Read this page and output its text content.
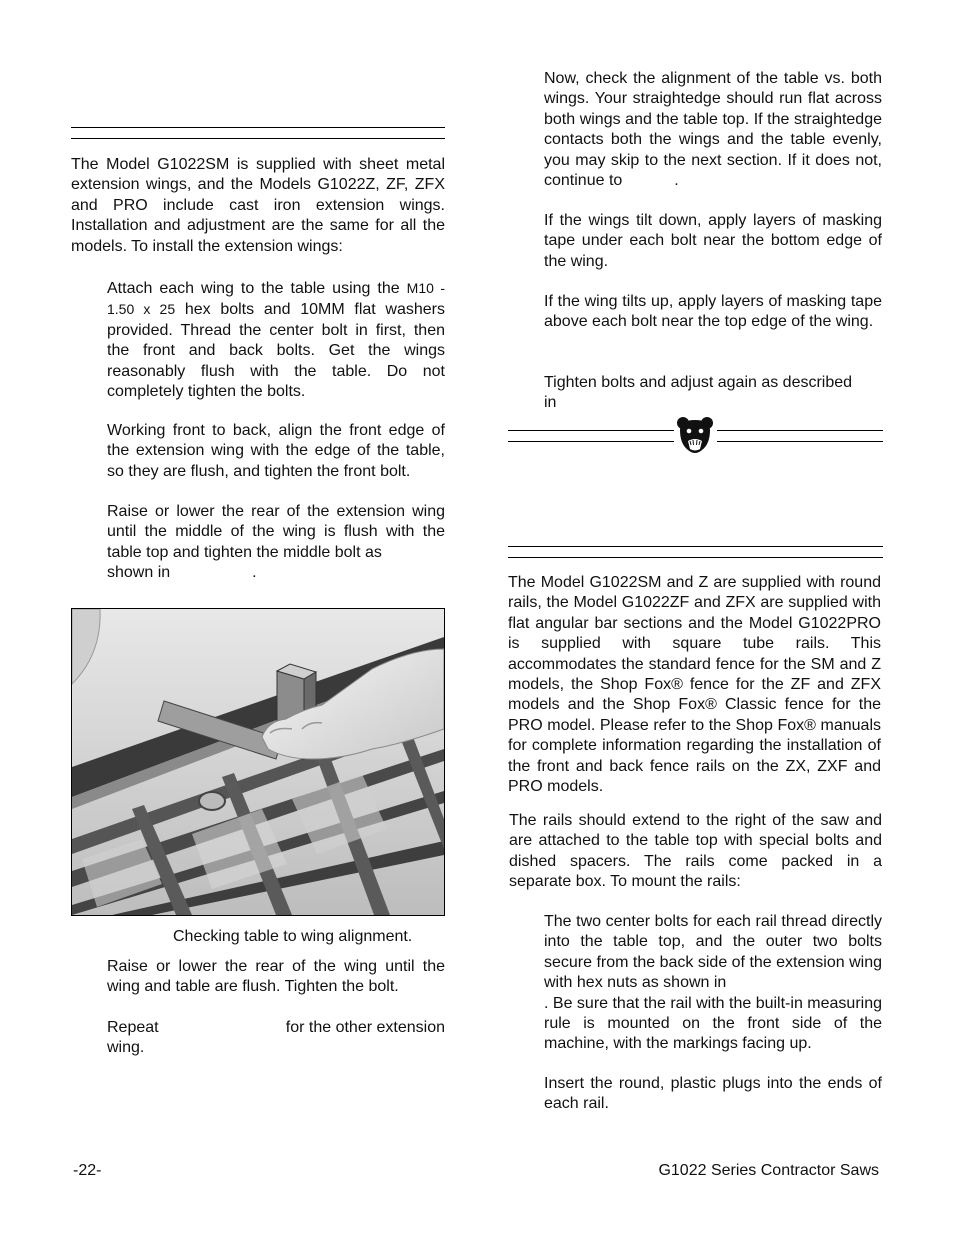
The Model G1022SM is supplied with sheet metal extension wings, and the Models G1022Z, ZF, ZFX and PRO include cast iron extension wings. Installation and adjustment are the same for all the models. To install the extension wings:

Attach each wing to the table using the M10 - 1.50 x 25 hex bolts and 10MM flat washers provided. Thread the center bolt in first, then the front and back bolts. Get the wings reasonably flush with the table. Do not completely tighten the bolts.

Working front to back, align the front edge of the extension wing with the edge of the table, so they are flush, and tighten the front bolt.

Raise or lower the rear of the extension wing until the middle of the wing is flush with the table top and tighten the middle bolt as

shown in	.
Checking table to wing alignment.

Raise or lower the rear of the wing until the wing and table are flush. Tighten the bolt.

Repeat	for the other extension
wing.

Now, check the alignment of the table vs. both wings. Your straightedge should run flat across both wings and the table top. If the straightedge contacts both the wings and the table evenly, you may skip to the next section. If it does not, continue to	.

If the wings tilt down, apply layers of masking tape under each bolt near the bottom edge of the wing.

If the wing tilts up, apply layers of masking tape above each bolt near the top edge of the wing.

Tighten bolts and adjust again as described
in

The Model G1022SM and Z are supplied with round rails, the Model G1022ZF and ZFX are supplied with flat angular bar sections and the Model G1022PRO is supplied with square tube rails. This accommodates the standard fence for the SM and Z models, the Shop Fox® fence for the ZF and ZFX models and the Shop Fox® Classic fence for the PRO model. Please refer to the Shop Fox® manuals for complete information regarding the installation of the front and back fence rails on the ZX, ZXF and PRO models.

The rails should extend to the right of the saw and are attached to the table top with special bolts and dished spacers. The rails come packed in a separate box. To mount the rails:

The two center bolts for each rail thread directly into the table top, and the outer two bolts secure from the back side of the extension wing with hex nuts as shown in
. Be sure that the rail with the built-in measuring rule is mounted on the front side of the machine, with the markings facing up.

Insert the round, plastic plugs into the ends of each rail.

-22-	G1022 Series Contractor Saws
